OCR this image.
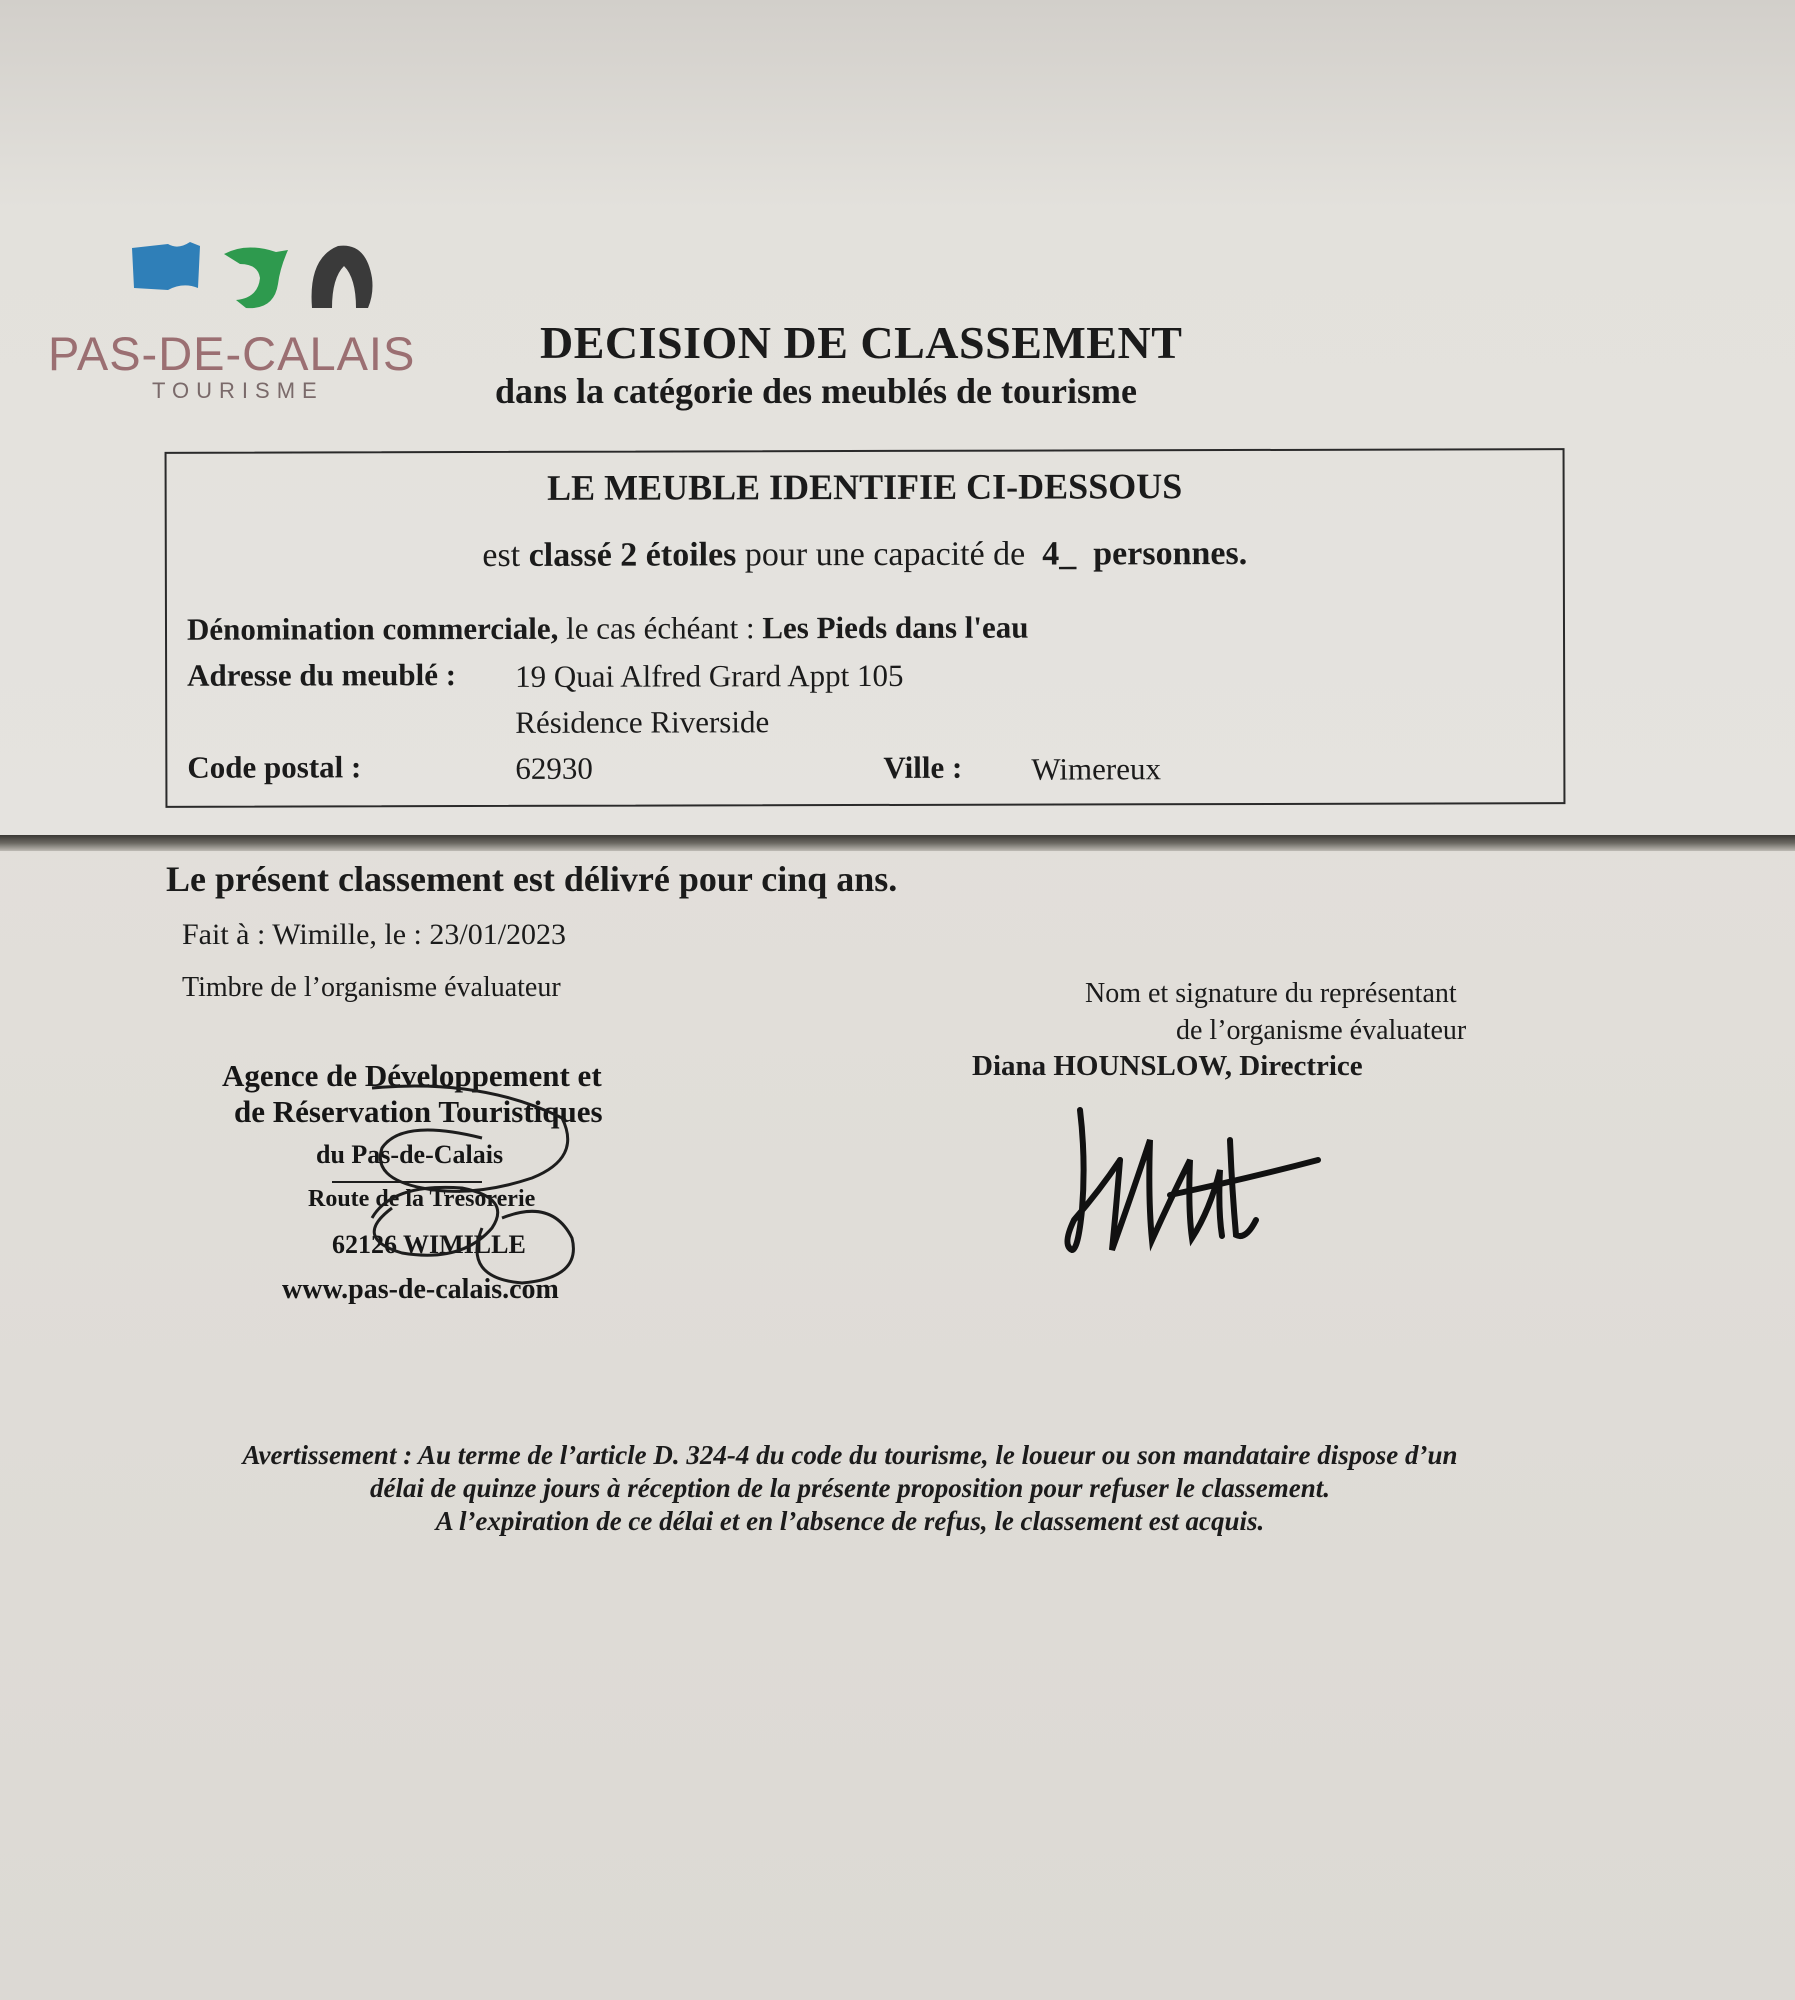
PAS-DE-CALAIS
TOURISME
DECISION DE CLASSEMENT
dans la catégorie des meublés de tourisme
LE MEUBLE IDENTIFIE CI-DESSOUS
est classé 2 étoiles pour une capacité de 4_ personnes.
Dénomination commerciale, le cas échéant : Les Pieds dans l'eau
Adresse du meublé : 19 Quai Alfred Grard Appt 105
Résidence Riverside
Code postal :	62930	Ville : Wimereux
Le présent classement est délivré pour cinq ans.
Fait à : Wimille, le : 23/01/2023
Timbre de l’organisme évaluateur	Nom et signature du représentant
de l’organisme évaluateur
Diana HOUNSLOW, Directrice
Agence de Développement et
de Réservation Touristiques
du Pas-de-Calais
Route de la Trésorerie
62126 WIMILLE
www.pas-de-calais.com
Avertissement : Au terme de l’article D. 324-4 du code du tourisme, le loueur ou son mandataire dispose d’un
délai de quinze jours à réception de la présente proposition pour refuser le classement.
A l’expiration de ce délai et en l’absence de refus, le classement est acquis.
